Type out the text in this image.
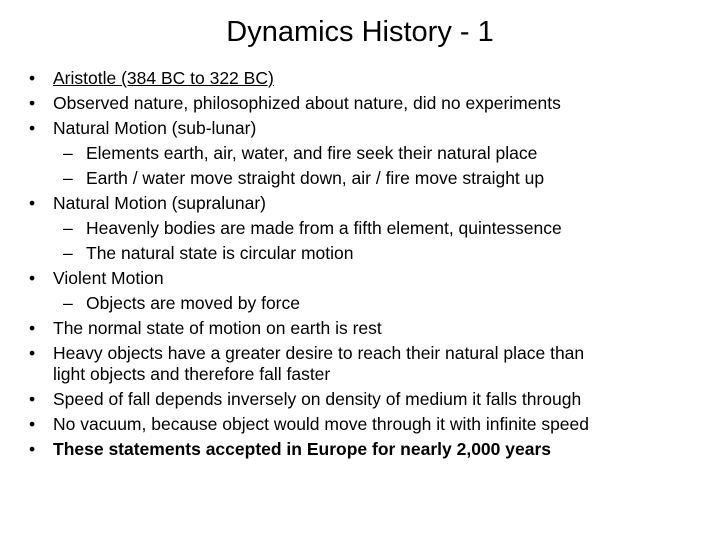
Dynamics History - 1
• Aristotle (384 BC to 322 BC)
• Observed nature, philosophized about nature, did no experiments
• Natural Motion (sub-lunar)
– Elements earth, air, water, and fire seek their natural place
– Earth / water move straight down, air / fire move straight up
• Natural Motion (supralunar)
– Heavenly bodies are made from a fifth element, quintessence
– The natural state is circular motion
• Violent Motion
– Objects are moved by force
• The normal state of motion on earth is rest
• Heavy objects have a greater desire to reach their natural place than
light objects and therefore fall faster
• Speed of fall depends inversely on density of medium it falls through
• No vacuum, because object would move through it with infinite speed
• These statements accepted in Europe for nearly 2,000 years
